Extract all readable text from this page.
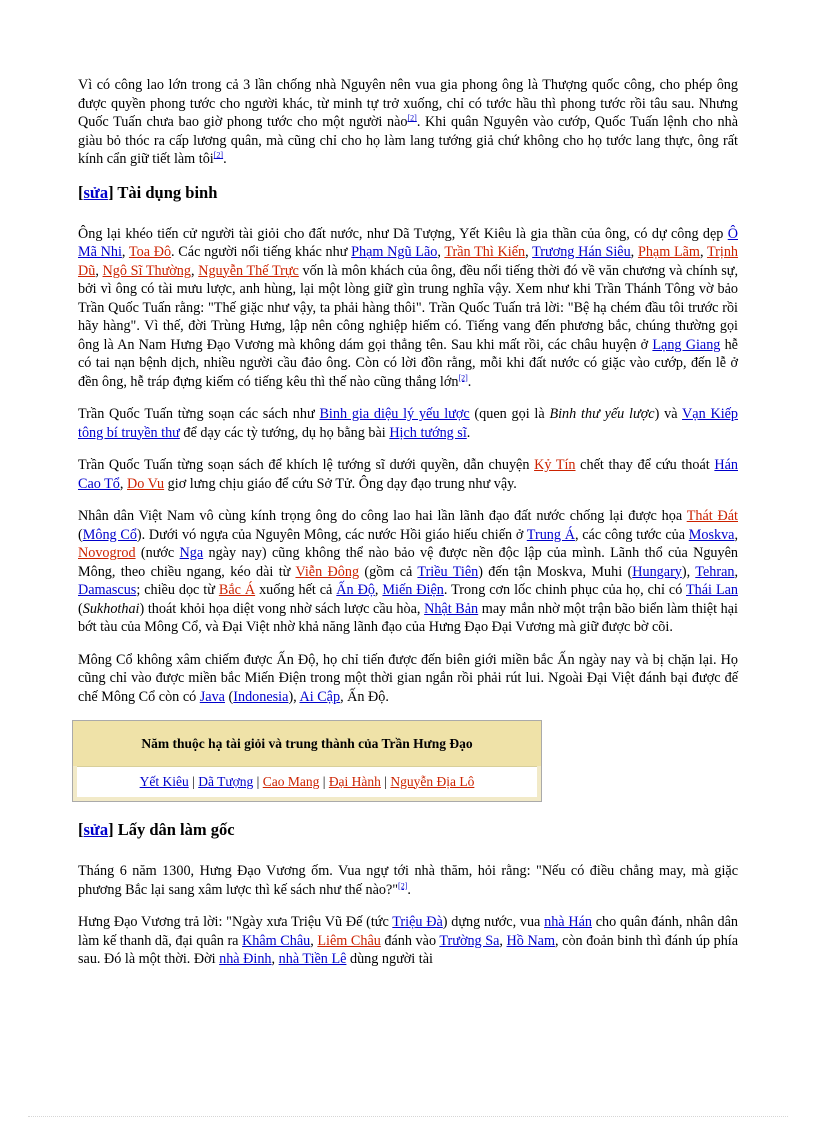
Vì có công lao lớn trong cả 3 lần chống nhà Nguyên nên vua gia phong ông là Thượng quốc công, cho phép ông được quyền phong tước cho người khác, từ minh tự trở xuống, chỉ có tước hầu thì phong tước rồi tâu sau. Nhưng Quốc Tuấn chưa bao giờ phong tước cho một người nào[2]. Khi quân Nguyên vào cướp, Quốc Tuấn lệnh cho nhà giàu bỏ thóc ra cấp lương quân, mà cũng chỉ cho họ làm lang tướng giả chứ không cho họ tước lang thực, ông rất kính cẩn giữ tiết làm tôi[2].

[sửa] Tài dụng binh

Ông lại khéo tiến cử người tài giỏi cho đất nước, như Dã Tượng, Yết Kiêu là gia thần của ông, có dự công dẹp Ô Mã Nhi, Toa Đô. Các người nổi tiếng khác như Phạm Ngũ Lão, Trần Thì Kiến, Trương Hán Siêu, Phạm Lãm, Trịnh Dũ, Ngô Sĩ Thường, Nguyễn Thế Trực vốn là môn khách của ông, đều nổi tiếng thời đó về văn chương và chính sự, bởi vì ông có tài mưu lược, anh hùng, lại một lòng giữ gìn trung nghĩa vậy. Xem như khi Trần Thánh Tông vờ bảo Trần Quốc Tuấn rằng: "Thế giặc như vậy, ta phải hàng thôi". Trần Quốc Tuấn trả lời: "Bệ hạ chém đầu tôi trước rồi hãy hàng". Vì thế, đời Trùng Hưng, lập nên công nghiệp hiếm có. Tiếng vang đến phương bắc, chúng thường gọi ông là An Nam Hưng Đạo Vương mà không dám gọi thẳng tên. Sau khi mất rồi, các châu huyện ở Lạng Giang hễ có tai nạn bệnh dịch, nhiều người cầu đảo ông. Còn có lời đồn rằng, mỗi khi đất nước có giặc vào cướp, đến lễ ở đền ông, hễ tráp đựng kiếm có tiếng kêu thì thế nào cũng thắng lớn[2].

Trần Quốc Tuấn từng soạn các sách như Binh gia diệu lý yếu lược (quen gọi là Binh thư yếu lược) và Vạn Kiếp tông bí truyền thư để dạy các tỳ tướng, dụ họ bằng bài Hịch tướng sĩ.

Trần Quốc Tuấn từng soạn sách để khích lệ tướng sĩ dưới quyền, dẫn chuyện Kỷ Tín chết thay để cứu thoát Hán Cao Tổ, Do Vu giơ lưng chịu giáo để cứu Sở Tử. Ông dạy đạo trung như vậy.

Nhân dân Việt Nam vô cùng kính trọng ông do công lao hai lần lãnh đạo đất nước chống lại được họa Thát Đát (Mông Cổ). Dưới vó ngựa của Nguyên Mông, các nước Hồi giáo hiếu chiến ở Trung Á, các công tước của Moskva, Novogrod (nước Nga ngày nay) cũng không thể nào bảo vệ được nền độc lập của mình. Lãnh thổ của Nguyên Mông, theo chiều ngang, kéo dài từ Viễn Đông (gồm cả Triều Tiên) đến tận Moskva, Muhi (Hungary), Tehran, Damascus; chiều dọc từ Bắc Á xuống hết cả Ấn Độ, Miến Điện. Trong cơn lốc chinh phục của họ, chỉ có Thái Lan (Sukhothai) thoát khỏi họa diệt vong nhờ sách lược cầu hòa, Nhật Bản may mắn nhờ một trận bão biển làm thiệt hại bớt tàu của Mông Cổ, và Đại Việt nhờ khả năng lãnh đạo của Hưng Đạo Đại Vương mà giữ được bờ cõi.

Mông Cổ không xâm chiếm được Ấn Độ, họ chỉ tiến được đến biên giới miền bắc Ấn ngày nay và bị chặn lại. Họ cũng chỉ vào được miền bắc Miến Điện trong một thời gian ngắn rồi phải rút lui. Ngoài Đại Việt đánh bại được đế chế Mông Cổ còn có Java (Indonesia), Ai Cập, Ấn Độ.

Năm thuộc hạ tài giỏi và trung thành của Trần Hưng Đạo
Yết Kiêu | Dã Tượng | Cao Mang | Đại Hành | Nguyễn Địa Lô
[sửa] Lấy dân làm gốc

Tháng 6 năm 1300, Hưng Đạo Vương ốm. Vua ngự tới nhà thăm, hỏi rằng: "Nếu có điều chẳng may, mà giặc phương Bắc lại sang xâm lược thì kế sách như thế nào?"[2].

Hưng Đạo Vương trả lời: "Ngày xưa Triệu Vũ Đế (tức Triệu Đà) dựng nước, vua nhà Hán cho quân đánh, nhân dân làm kế thanh dã, đại quân ra Khâm Châu, Liêm Châu đánh vào Trường Sa, Hồ Nam, còn đoản binh thì đánh úp phía sau. Đó là một thời. Đời nhà Đinh, nhà Tiền Lê dùng người tài
